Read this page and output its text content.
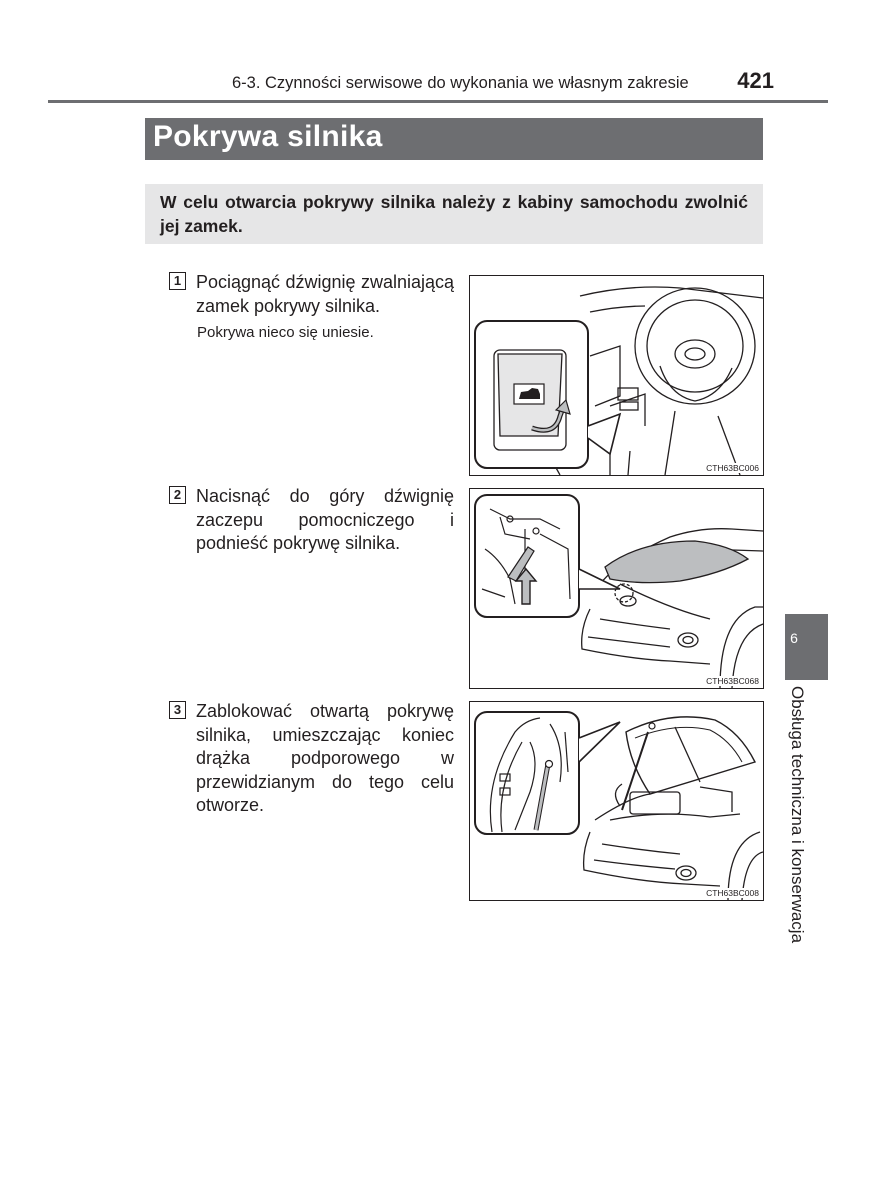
6-3. Czynności serwisowe do wykonania we własnym zakresie	421
Pokrywa silnika
W celu otwarcia pokrywy silnika należy z kabiny samochodu zwolnić jej zamek.
1 Pociągnąć dźwignię zwalniającą zamek pokrywy silnika.
Pokrywa nieco się uniesie.
CTH63BC006
2 Nacisnąć do góry dźwignię zaczepu pomocniczego i podnieść pokrywę silnika.
CTH63BC068
3 Zablokować otwartą pokrywę silnika, umieszczając koniec drążka podporowego w przewidzianym do tego celu otworze.
CTH63BC008
6
Obsługa techniczna i konserwacja
